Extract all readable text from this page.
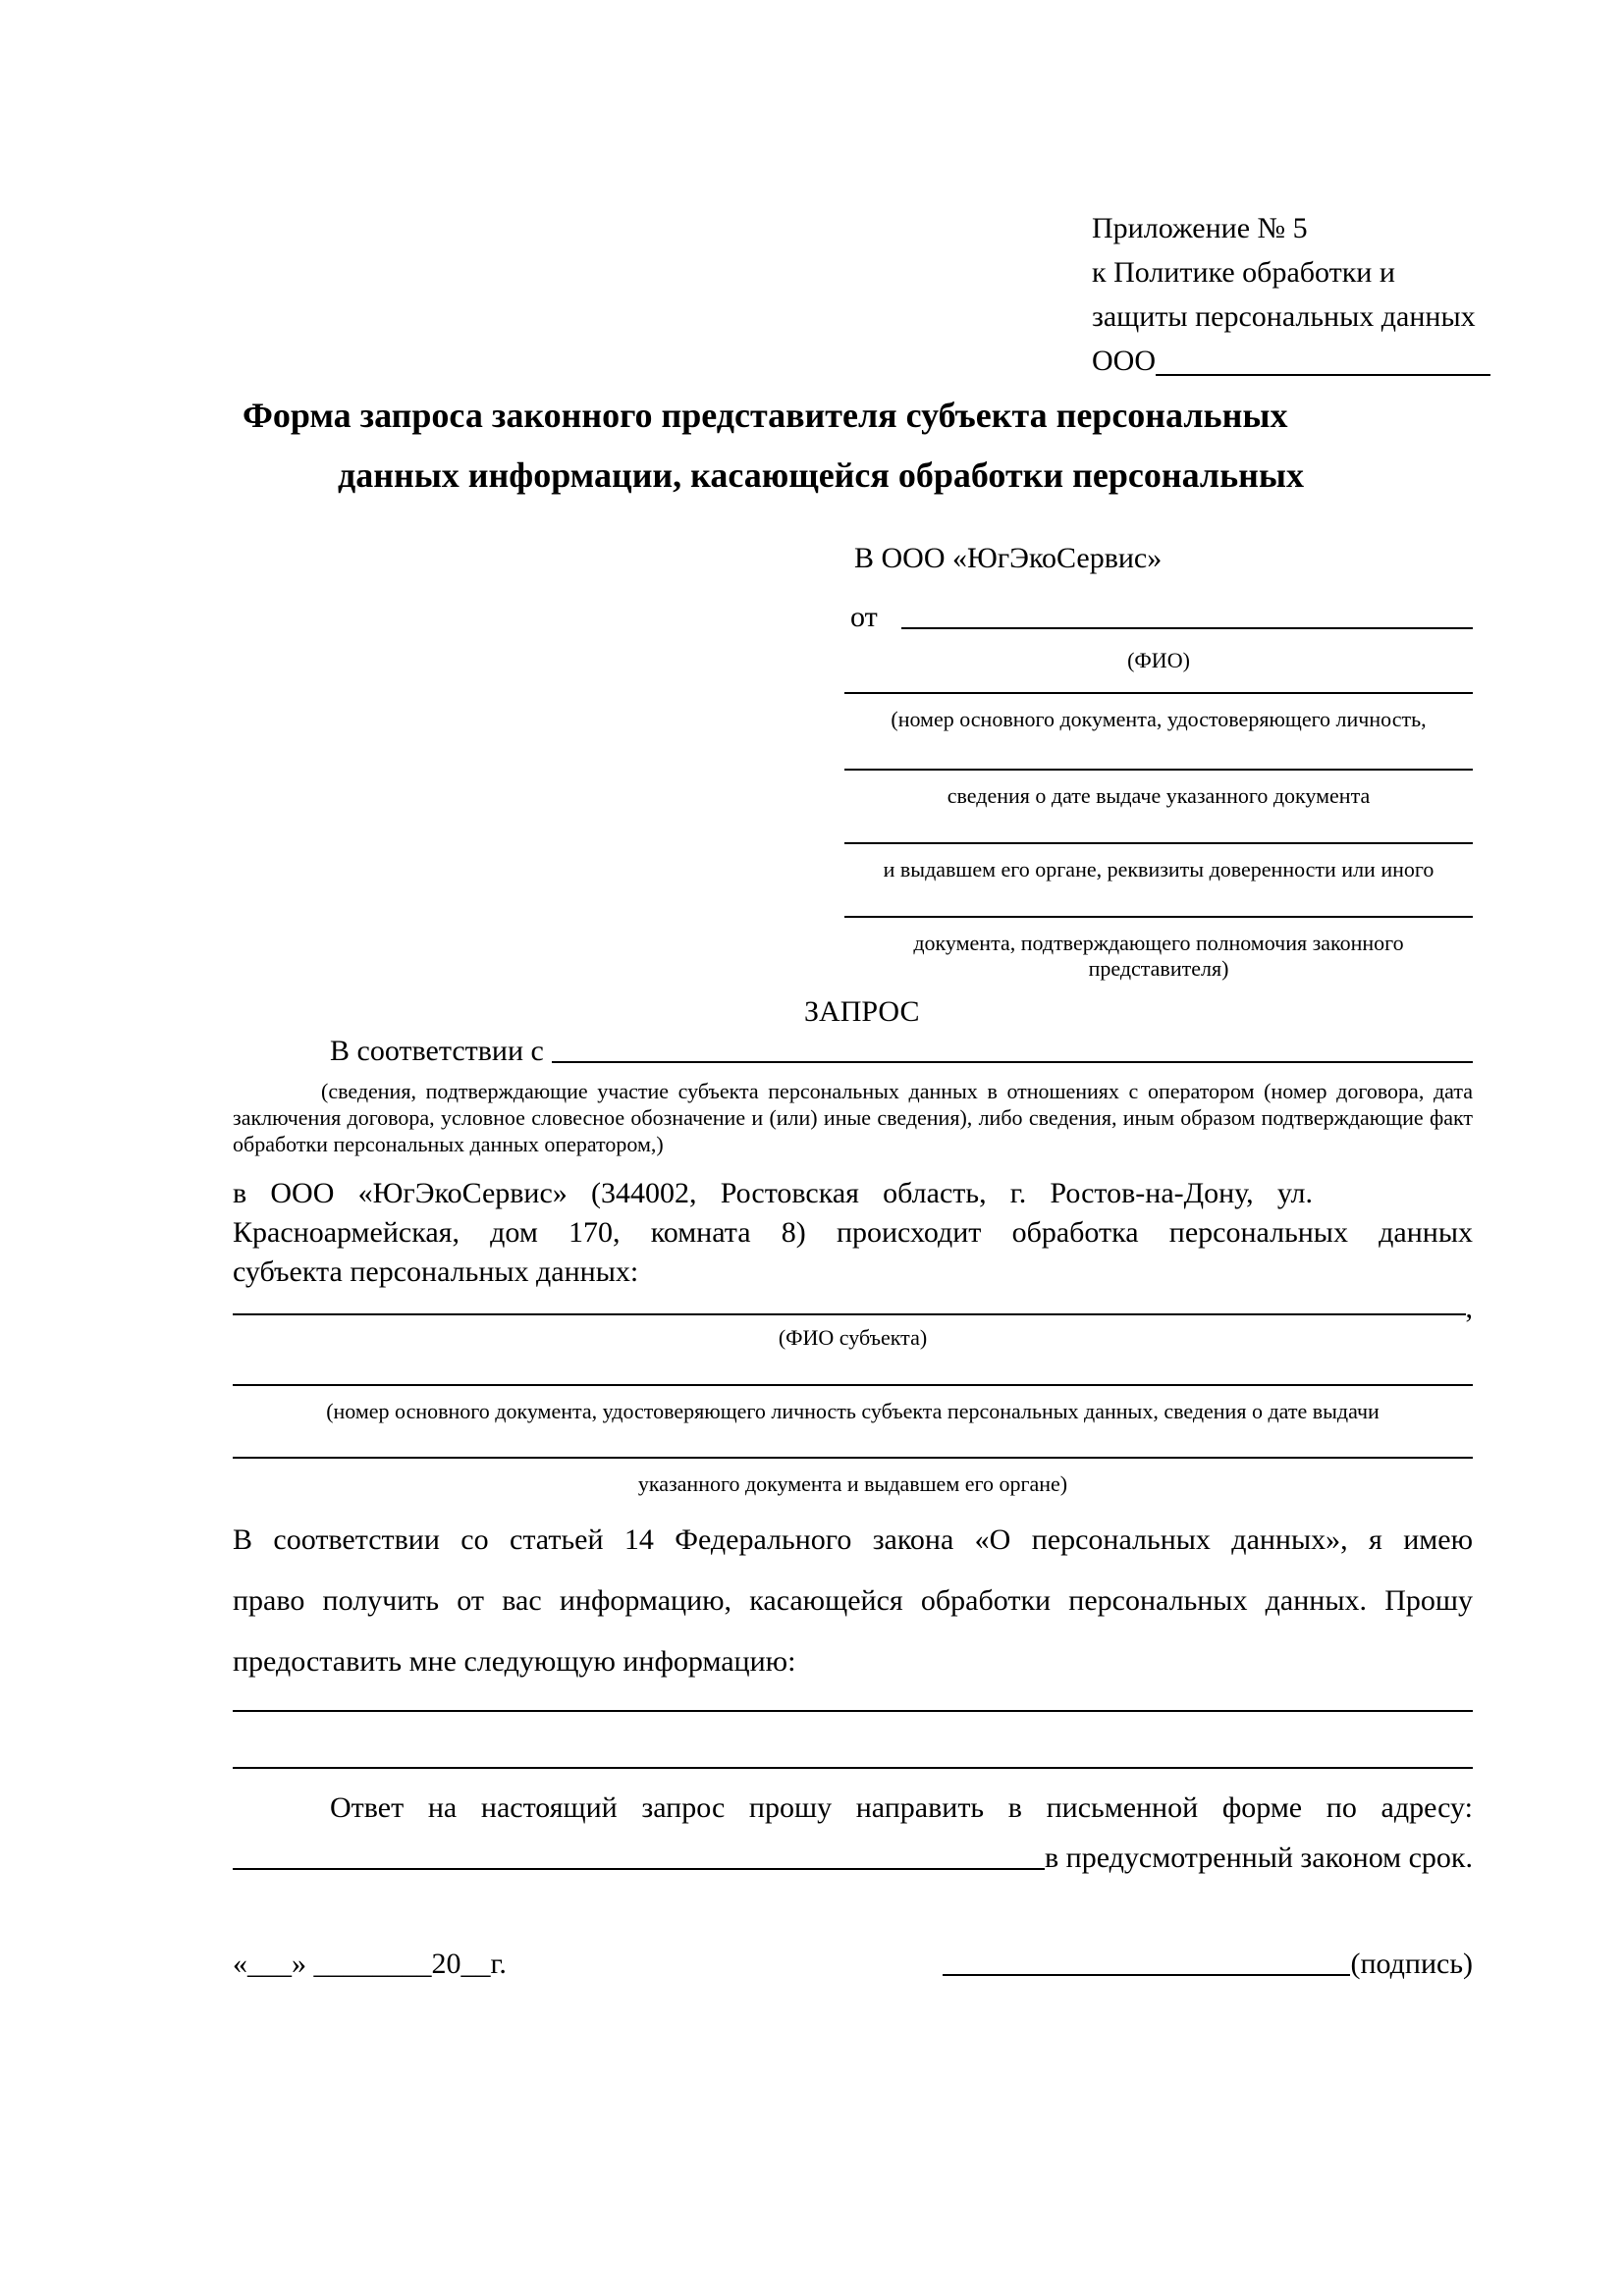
Приложение № 5
к Политике обработки и
защиты персональных данных
ООО
Форма запроса законного представителя субъекта персональных
данных информации, касающейся обработки персональных
В ООО «ЮгЭкоСервис»
от
(ФИО)
(номер основного документа, удостоверяющего личность,
сведения о дате выдаче указанного документа
и выдавшем его органе, реквизиты доверенности или иного
документа, подтверждающего полномочия законного представителя)
ЗАПРОС
В соответствии с
(сведения, подтверждающие участие субъекта персональных данных в отношениях с оператором (номер договора, дата
заключения договора, условное словесное обозначение и (или) иные сведения), либо сведения, иным образом подтверждающие факт
обработки персональных данных оператором,)
в ООО «ЮгЭкоСервис» (344002, Ростовская область, г. Ростов-на-Дону, ул.
Красноармейская, дом 170, комната 8) происходит обработка персональных данных
субъекта персональных данных:
,
(ФИО субъекта)
(номер основного документа, удостоверяющего личность субъекта персональных данных, сведения о дате выдачи
указанного документа и выдавшем его органе)
В соответствии со статьей 14 Федерального закона «О персональных данных», я имею
право получить от вас информацию, касающейся обработки персональных данных. Прошу
предоставить мне следующую информацию:
Ответ на настоящий запрос прошу направить в письменной форме по адресу:
в предусмотренный законом срок.
«___» ________20__г.	(подпись)
